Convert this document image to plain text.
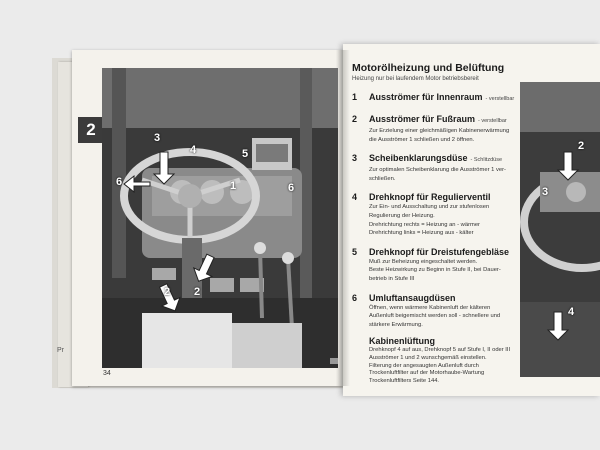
Pr
2	3
4	5
6	1	6
2 2
34
Motorölheizung und Belüftung
Heizung nur bei laufendem Motor betriebsbereit
1 Ausströmer für Innenraum - verstellbar
2 Ausströmer für Fußraum - verstellbar
Zur Erzielung einer gleichmäßigen Kabinenerwärmung
die Ausströmer 1 schließen und 2 öffnen.
3 Scheibenklarungsdüse - Schlitzdüse
Zur optimalen Scheibenklarung die Ausströmer 1 ver-
schließen.
4 Drehknopf für Regulierventil
Zur Ein- und Ausschaltung und zur stufenlosen
Regulierung der Heizung.
Drehrichtung rechts = Heizung an - wärmer
Drehrichtung links = Heizung aus - kälter
5 Drehknopf für Dreistufengebläse
Muß zur Beheizung eingeschaltet werden.
Beste Heizwirkung zu Beginn in Stufe II, bei Dauer-
betrieb in Stufe III
6 Umluftansaugdüsen
Öffnen, wenn wärmere Kabinenluft der kälteren
Außenluft beigemischt werden soll - schnellere und
stärkere Erwärmung.
Kabinenlüftung
Drehknopf 4 auf aus, Drehknopf 5 auf Stufe I, II oder III
Ausströmer 1 und 2 wunschgemäß einstellen.
Filterung der angesaugten Außenluft durch
Trockenluftfilter auf der Motorhaube-Wartung
Trockenluftfilters Seite 144.
2
3
4
